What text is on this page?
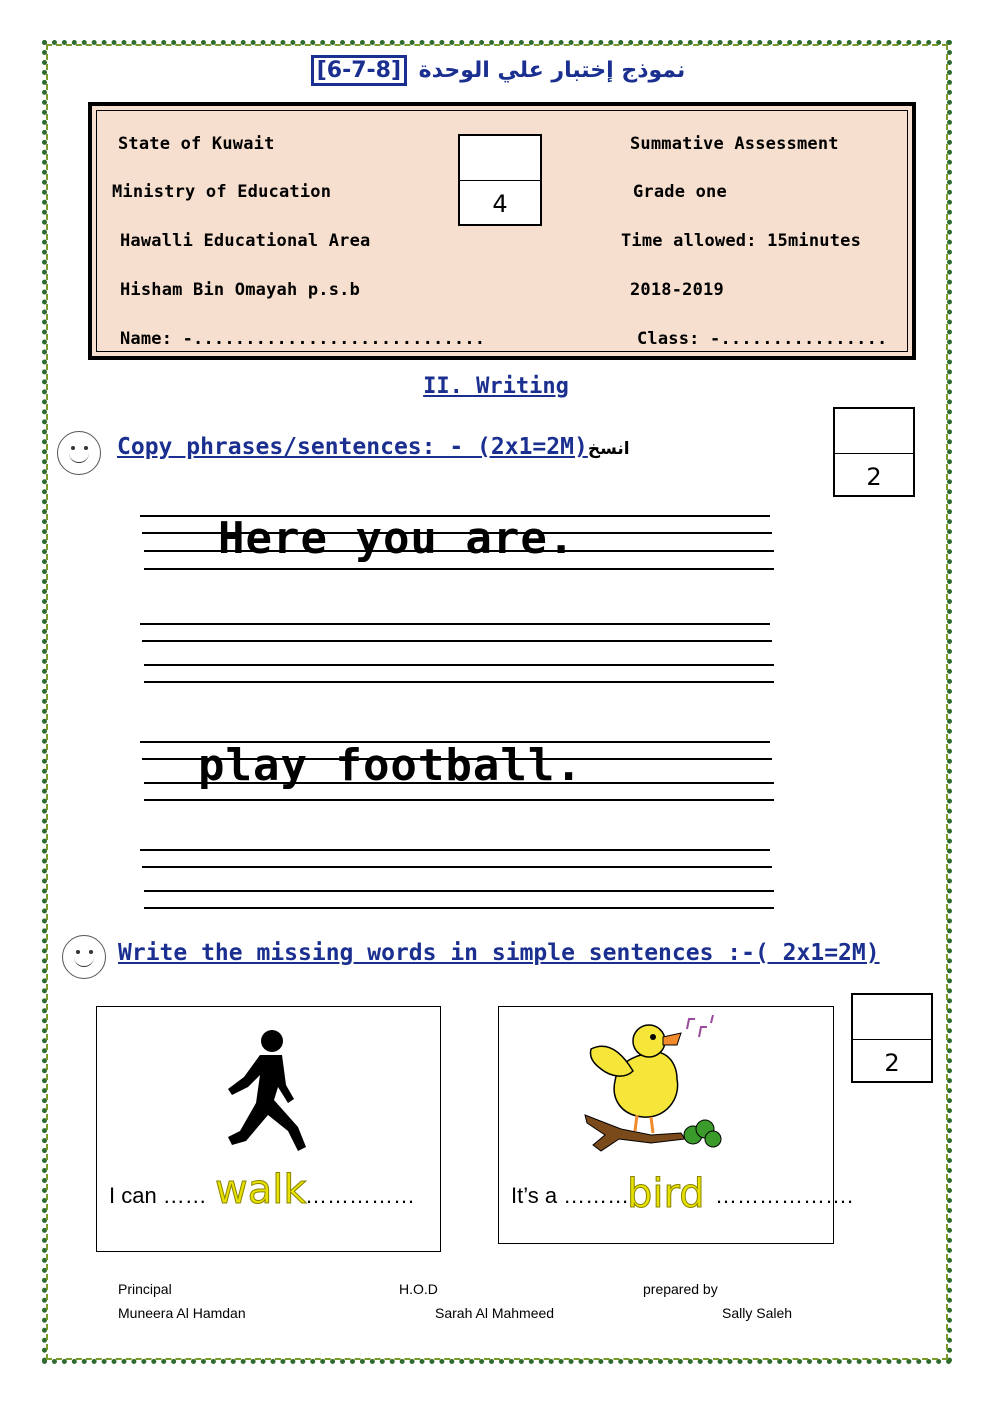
نموذج إختبار علي الوحدة [6-7-8]
State of Kuwait
Ministry of Education
Hawalli Educational Area
Hisham Bin Omayah p.s.b
Name: -............................
Summative Assessment
Grade one
Time allowed: 15minutes
2018-2019
Class: -................
4
II. Writing
Copy phrases/sentences: - (2x1=2M)انسخ
2
Here you are.
play football.
Write the missing words in simple sentences :-( 2x1=2M)
2
I can …… walk
……………	It’s a ………
bird ……………….
Principal
Muneera Al Hamdan
H.O.D
Sarah Al Mahmeed
prepared by
Sally Saleh
